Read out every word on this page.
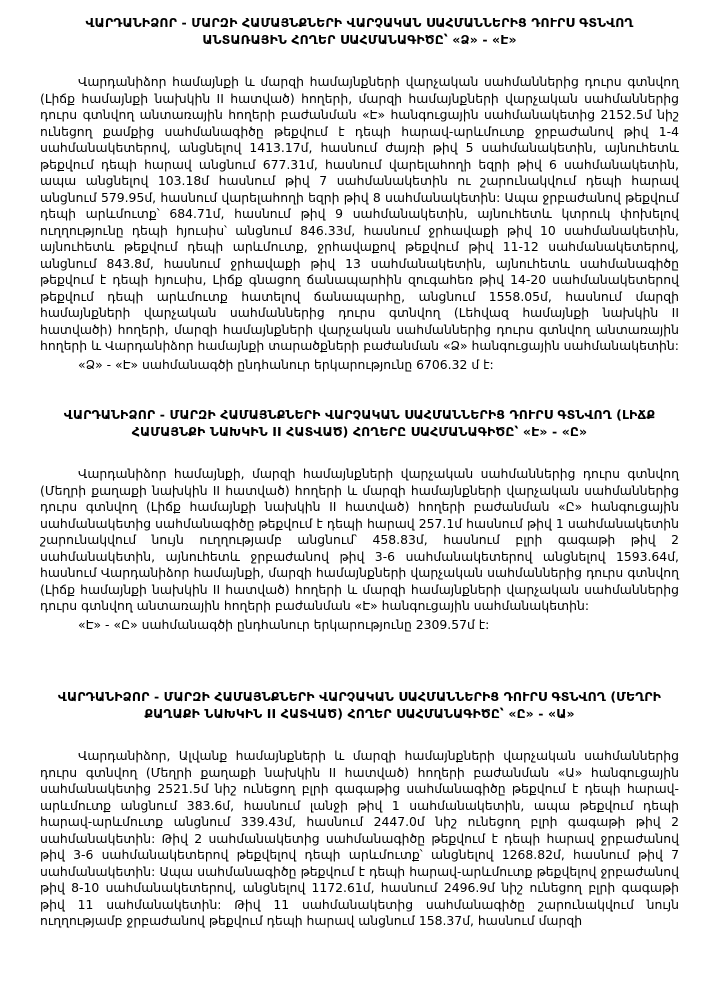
ՎԱՐԴԱՆԻՁՈՐ - ՄԱՐԶԻ ՀԱՄԱՅՆՔՆԵՐԻ ՎԱՐՉԱԿԱՆ ՍԱՀՄԱՆՆԵՐԻՑ ԴՈՒՐՍ ԳՏՆՎՈՂ ԱՆՏԱՌԱՅԻՆ ՀՈՂԵՐ ՍԱՀՄԱՆԱԳԻԾԸ՝ «Ձ» - «Է»

Վարդանիձոր համայնքի և մարզի համայնքների վարչական սահմաններից դուրս գտնվող (Լիճք համայնքի նախկին II հատված) հողերի, մարզի համայնքների վարչական սահմաններից դուրս գտնվող անտառային հողերի բաժանման «Է» հանգուցային սահմանակետից 2152.5մ նիշ ունեցող քամքից սահմանագիծը թեքվում է դեպի հարավ-արևմուտք ջրբաժանով թիվ 1-4 սահմանակետերով, անցնելով 1413.17մ, հասնում ժայռի թիվ 5 սահմանակետին, այնուհետև թեքվում դեպի հարավ անցնում 677.31մ, հասնում վարելահողի եզրի թիվ 6 սահմանակետին, ապա անցնելով 103.18մ հասնում թիվ 7 սահմանակետին ու շարունակվում դեպի հարավ անցնում 579.95մ, հասնում վարելահողի եզրի թիվ 8 սահմանակետին: Ապա ջրբաժանով թեքվում դեպի արևմուտք՝ 684.71մ, հասնում թիվ 9 սահմանակետին, այնուհետև կտրուկ փոխելով ուղղությունը դեպի հյուսիս՝ անցնում 846.33մ, հասնում ջրհավաքի թիվ 10 սահմանակետին, այնուհետև թեքվում դեպի արևմուտք, ջրհավաքով թեքվում թիվ 11-12 սահմանակետերով, անցնում 843.8մ, հասնում ջրհավաքի թիվ 13 սահմանակետին, այնուհետև սահմանագիծը թեքվում է դեպի հյուսիս, Լիճք գնացող ճանապարհին զուգահեռ թիվ 14-20 սահմանակետերով թեքվում դեպի արևմուտք հատելով ճանապարհը, անցնում 1558.05մ, հասնում մարզի համայնքների վարչական սահմաններից դուրս գտնվող (Լեհվազ համայնքի նախկին II հատվածի) հողերի, մարզի համայնքների վարչական սահմաններից դուրս գտնվող անտառային հողերի և Վարդանիձոր համայնքի տարածքների բաժանման «Ձ» հանգուցային սահմանակետին:

«Ձ» - «Է» սահմանագծի ընդհանուր երկարությունը 6706.32 մ է:

ՎԱՐԴԱՆԻՁՈՐ - ՄԱՐԶԻ ՀԱՄԱՅՆՔՆԵՐԻ ՎԱՐՉԱԿԱՆ ՍԱՀՄԱՆՆԵՐԻՑ ԴՈՒՐՍ ԳՏՆՎՈՂ (ԼԻՃՔ ՀԱՄԱՅՆՔԻ ՆԱԽԿԻՆ II ՀԱՏՎԱԾ) ՀՈՂԵՐԸ ՍԱՀՄԱՆԱԳԻԾԸ՝ «Է» - «Ը»

Վարդանիձոր համայնքի, մարզի համայնքների վարչական սահմաններից դուրս գտնվող (Մեղրի քաղաքի նախկին II հատված) հողերի և մարզի համայնքների վարչական սահմաններից դուրս գտնվող (Լիճք համայնքի նախկին II հատված) հողերի բաժանման «Ը» հանգուցային սահմանակետից սահմանագիծը թեքվում է դեպի հարավ 257.1մ հասնում թիվ 1 սահմանակետին շարունակվում նույն ուղղությամբ անցնում՝ 458.83մ, հասնում բլրի գագաթի թիվ 2 սահմանակետին, այնուհետև ջրբաժանով թիվ 3-6 սահմանակետերով անցնելով 1593.64մ, հասնում Վարդանիձոր համայնքի, մարզի համայնքների վարչական սահմաններից դուրս գտնվող (Լիճք համայնքի նախկին II հատված) հողերի և մարզի համայնքների վարչական սահմաններից դուրս գտնվող անտառային հողերի բաժանման «Է» հանգուցային սահմանակետին:

«Է» - «Ը» սահմանագծի ընդհանուր երկարությունը 2309.57մ է:

ՎԱՐԴԱՆԻՁՈՐ - ՄԱՐԶԻ ՀԱՄԱՅՆՔՆԵՐԻ ՎԱՐՉԱԿԱՆ ՍԱՀՄԱՆՆԵՐԻՑ ԴՈՒՐՍ ԳՏՆՎՈՂ (ՄԵՂՐԻ ՔԱՂԱՔԻ ՆԱԽԿԻՆ II ՀԱՏՎԱԾ) ՀՈՂԵՐ ՍԱՀՄԱՆԱԳԻԾԸ՝ «Ը» - «Ա»

Վարդանիձոր, Ալվանք համայնքների և մարզի համայնքների վարչական սահմաններից դուրս գտնվող (Մեղրի քաղաքի նախկին II հատված) հողերի բաժանման «Ա» հանգուցային սահմանակետից 2521.5մ նիշ ունեցող բլրի գագաթից սահմանագիծը թեքվում է դեպի հարավ-արևմուտք անցնում 383.6մ, հասնում լանջի թիվ 1 սահմանակետին, ապա թեքվում դեպի հարավ-արևմուտք անցնում 339.43մ, հասնում 2447.0մ նիշ ունեցող բլրի գագաթի թիվ 2 սահմանակետին: Թիվ 2 սահմանակետից սահմանագիծը թեքվում է դեպի հարավ ջրբաժանով թիվ 3-6 սահմանակետերով թեքվելով դեպի արևմուտք՝ անցնելով 1268.82մ, հասնում թիվ 7 սահմանակետին: Ապա սահմանագիծը թեքվում է դեպի հարավ-արևմուտք թեքվելով ջրբաժանով թիվ 8-10 սահմանակետերով, անցնելով 1172.61մ, հասնում 2496.9մ նիշ ունեցող բլրի գագաթի թիվ 11 սահմանակետին: Թիվ 11 սահմանակետից սահմանագիծը շարունակվում նույն ուղղությամբ ջրբաժանով թեքվում դեպի հարավ անցնում 158.37մ, հասնում մարզի
